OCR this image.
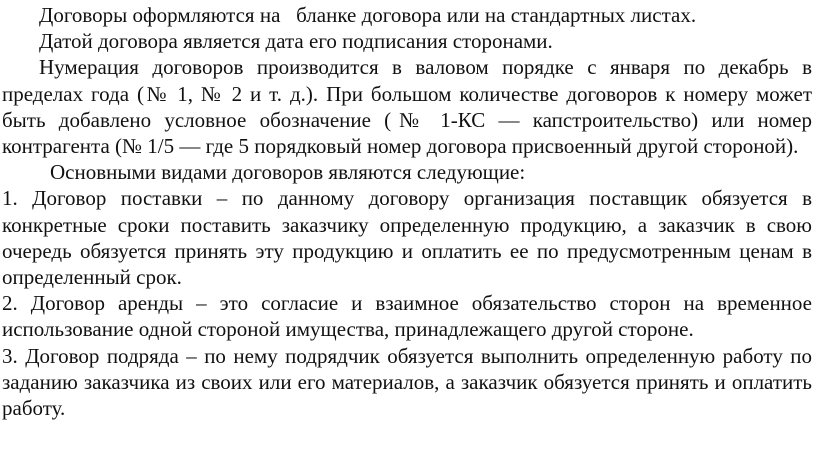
Договоры оформляются на   бланке договора или на стандартных листах.

Датой договора является дата его подписания сторонами.

Нумерация договоров производится в валовом порядке с января по декабрь в пределах года (№ 1, № 2 и т. д.). При большом количестве договоров к номеру может быть добавлено условное обозначение (№ 1-КС — капстроительство) или номер контрагента (№ 1/5 — где 5 порядковый номер договора присвоенный другой стороной).

Основными видами договоров являются следующие:

1. Договор поставки – по данному договору организация поставщик обязуется в конкретные сроки поставить заказчику определенную продукцию, а заказчик в свою очередь обязуется принять эту продукцию и оплатить ее по предусмотренным ценам в определенный срок.

2. Договор аренды – это согласие и взаимное обязательство сторон на временное использование одной стороной имущества, принадлежащего другой стороне.

3. Договор подряда – по нему подрядчик обязуется выполнить определенную работу по заданию заказчика из своих или его материалов, а заказчик обязуется принять и оплатить работу.
